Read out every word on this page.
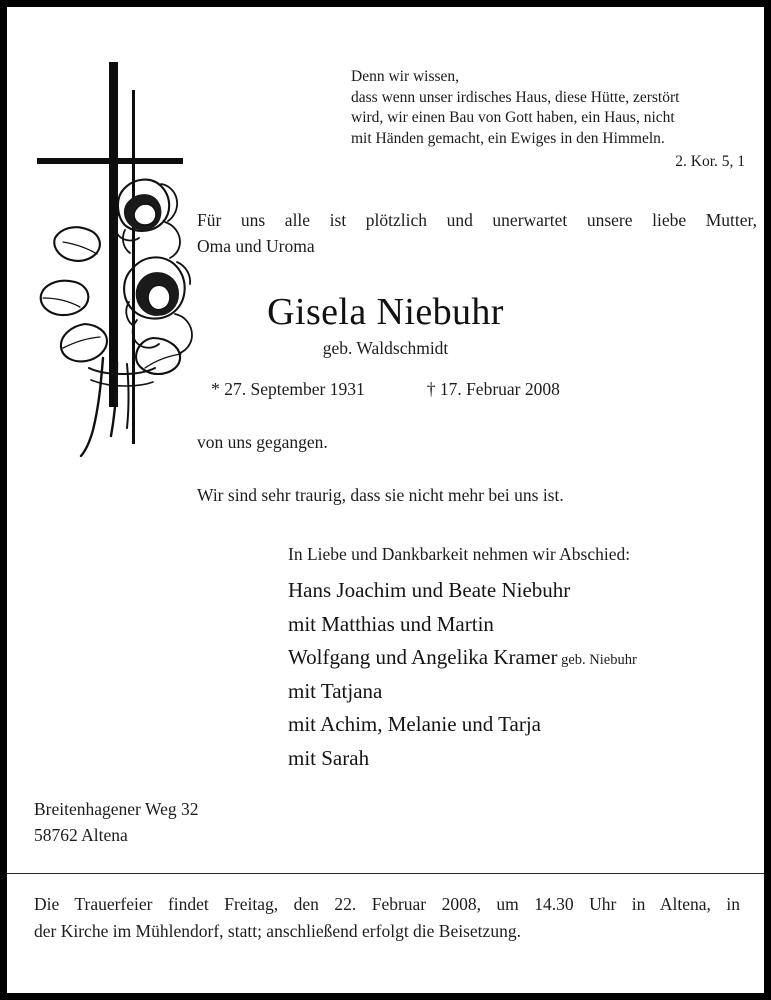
Denn wir wissen,
dass wenn unser irdisches Haus, diese Hütte, zerstört
wird, wir einen Bau von Gott haben, ein Haus, nicht
mit Händen gemacht, ein Ewiges in den Himmeln.
2. Kor. 5, 1
Für uns alle ist plötzlich und unerwartet unsere liebe Mutter,
Oma und Uroma
Gisela Niebuhr
geb. Waldschmidt
* 27. September 1931	† 17. Februar 2008
von uns gegangen.
Wir sind sehr traurig, dass sie nicht mehr bei uns ist.
In Liebe und Dankbarkeit nehmen wir Abschied:
Hans Joachim und Beate Niebuhr
mit Matthias und Martin
Wolfgang und Angelika Kramer geb. Niebuhr
mit Tatjana
mit Achim, Melanie und Tarja
mit Sarah
Breitenhagener Weg 32
58762 Altena
Die Trauerfeier findet Freitag, den 22. Februar 2008, um 14.30 Uhr in Altena, in
der Kirche im Mühlendorf, statt; anschließend erfolgt die Beisetzung.
